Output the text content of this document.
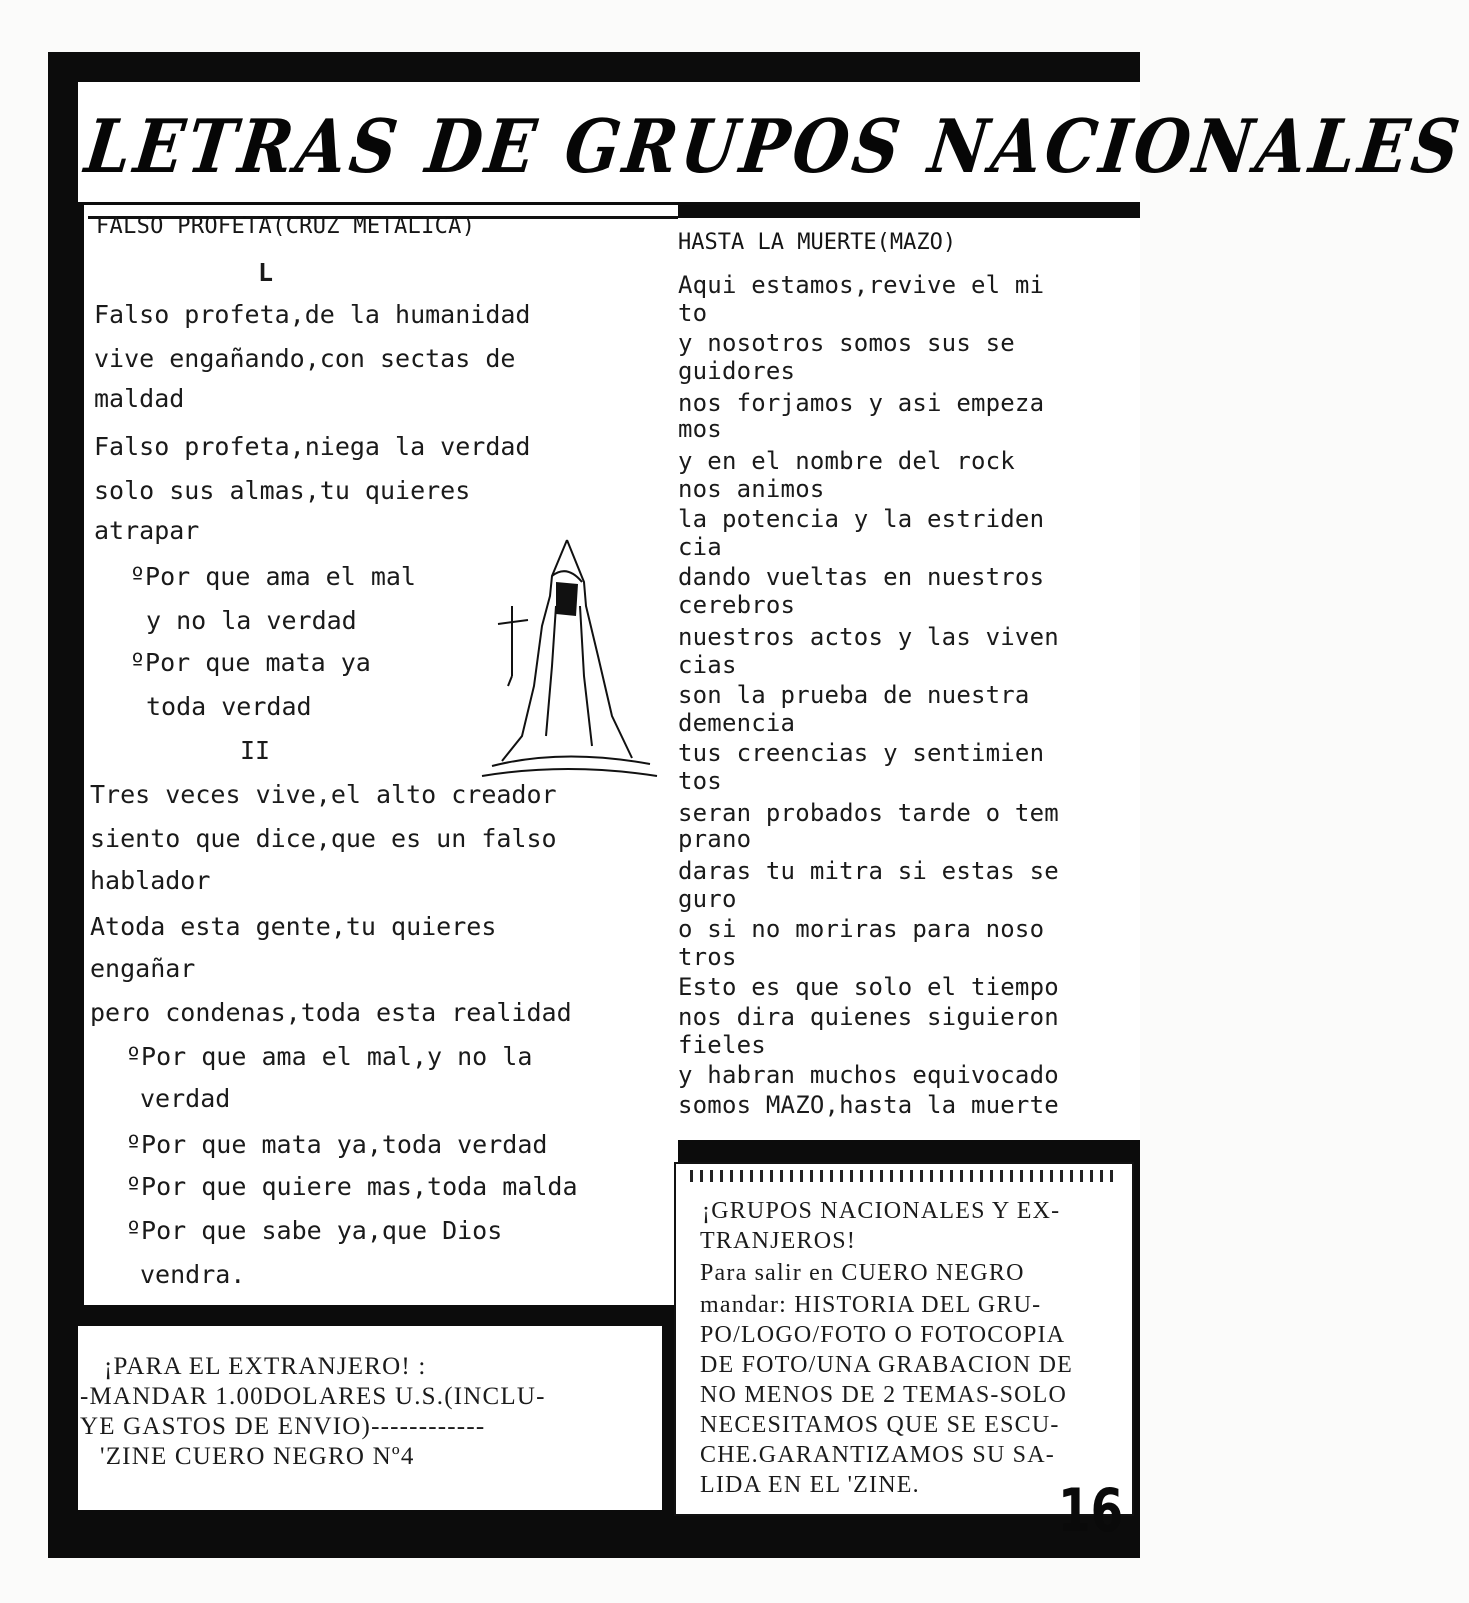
LETRAS DE GRUPOS NACIONALES
FALSO PROFETA(CRUZ METALICA)
HASTA LA MUERTE(MAZO)
L
Falso profeta,de la humanidad
vive engañando,con sectas de
maldad
Falso profeta,niega la verdad
solo sus almas,tu quieres
atrapar
ºPor que ama el mal
y no la verdad
ºPor que mata ya
toda verdad
II
Tres veces vive,el alto creador
siento que dice,que es un falso
hablador
Atoda esta gente,tu quieres
engañar
pero condenas,toda esta realidad
ºPor que ama el mal,y no la
verdad
ºPor que mata ya,toda verdad
ºPor que quiere mas,toda malda
ºPor que sabe ya,que Dios
vendra.
Aqui estamos,revive el mi
to
y nosotros somos sus se
guidores
nos forjamos y asi empeza
mos
y en el nombre del rock
nos animos
la potencia y la estriden
cia
dando vueltas en nuestros
cerebros
nuestros actos y las viven
cias
son la prueba de nuestra
demencia
tus creencias y sentimien
tos
seran probados tarde o tem
prano
daras tu mitra si estas se
guro
o si no moriras para noso
tros
Esto es que solo el tiempo
nos dira quienes siguieron
fieles
y habran muchos equivocado
somos MAZO,hasta la muerte
¡PARA EL EXTRANJERO! :
-MANDAR 1.00DOLARES U.S.(INCLU-
YE GASTOS DE ENVIO)------------
'ZINE CUERO NEGRO Nº4
¡GRUPOS NACIONALES Y EX-
TRANJEROS!
Para salir en CUERO NEGRO
mandar: HISTORIA DEL GRU-
PO/LOGO/FOTO O FOTOCOPIA
DE FOTO/UNA GRABACION DE
NO MENOS DE 2 TEMAS-SOLO
NECESITAMOS QUE SE ESCU-
CHE.GARANTIZAMOS SU SA-
LIDA EN EL 'ZINE. 16
